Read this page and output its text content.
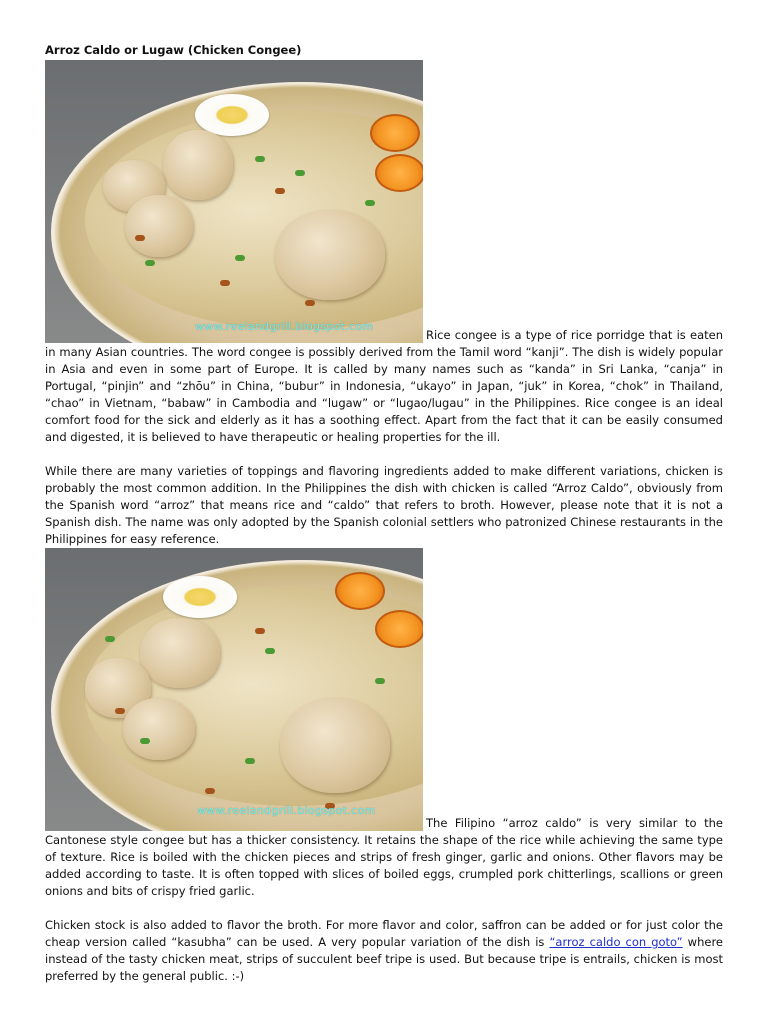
Arroz Caldo or Lugaw (Chicken Congee)
www.reelandgrill.blogspot.com

Rice congee is a type of rice porridge that is eaten in many Asian countries. The word congee is possibly derived from the Tamil word “kanji”. The dish is widely popular in Asia and even in some part of Europe. It is called by many names such as “kanda” in Sri Lanka, “canja” in Portugal, “pinjin” and “zhōu” in China, “bubur” in Indonesia, “ukayo” in Japan, “juk” in Korea, “chok” in Thailand, “chao” in Vietnam, “babaw” in Cambodia and “lugaw” or “lugao/lugau” in the Philippines. Rice congee is an ideal comfort food for the sick and elderly as it has a soothing effect. Apart from the fact that it can be easily consumed and digested, it is believed to have therapeutic or healing properties for the ill.

While there are many varieties of toppings and flavoring ingredients added to make different variations, chicken is probably the most common addition. In the Philippines the dish with chicken is called “Arroz Caldo”, obviously from the Spanish word “arroz” that means rice and “caldo” that refers to broth. However, please note that it is not a Spanish dish. The name was only adopted by the Spanish colonial settlers who patronized Chinese restaurants in the Philippines for easy reference.

www.reelandgrill.blogspot.com

The Filipino “arroz caldo” is very similar to the Cantonese style congee but has a thicker consistency. It retains the shape of the rice while achieving the same type of texture. Rice is boiled with the chicken pieces and strips of fresh ginger, garlic and onions. Other flavors may be added according to taste. It is often topped with slices of boiled eggs, crumpled pork chitterlings, scallions or green onions and bits of crispy fried garlic.

Chicken stock is also added to flavor the broth. For more flavor and color, saffron can be added or for just color the cheap version called “kasubha” can be used. A very popular variation of the dish is “arroz caldo con goto” where instead of the tasty chicken meat, strips of succulent beef tripe is used. But because tripe is entrails, chicken is most preferred by the general public. :-)
